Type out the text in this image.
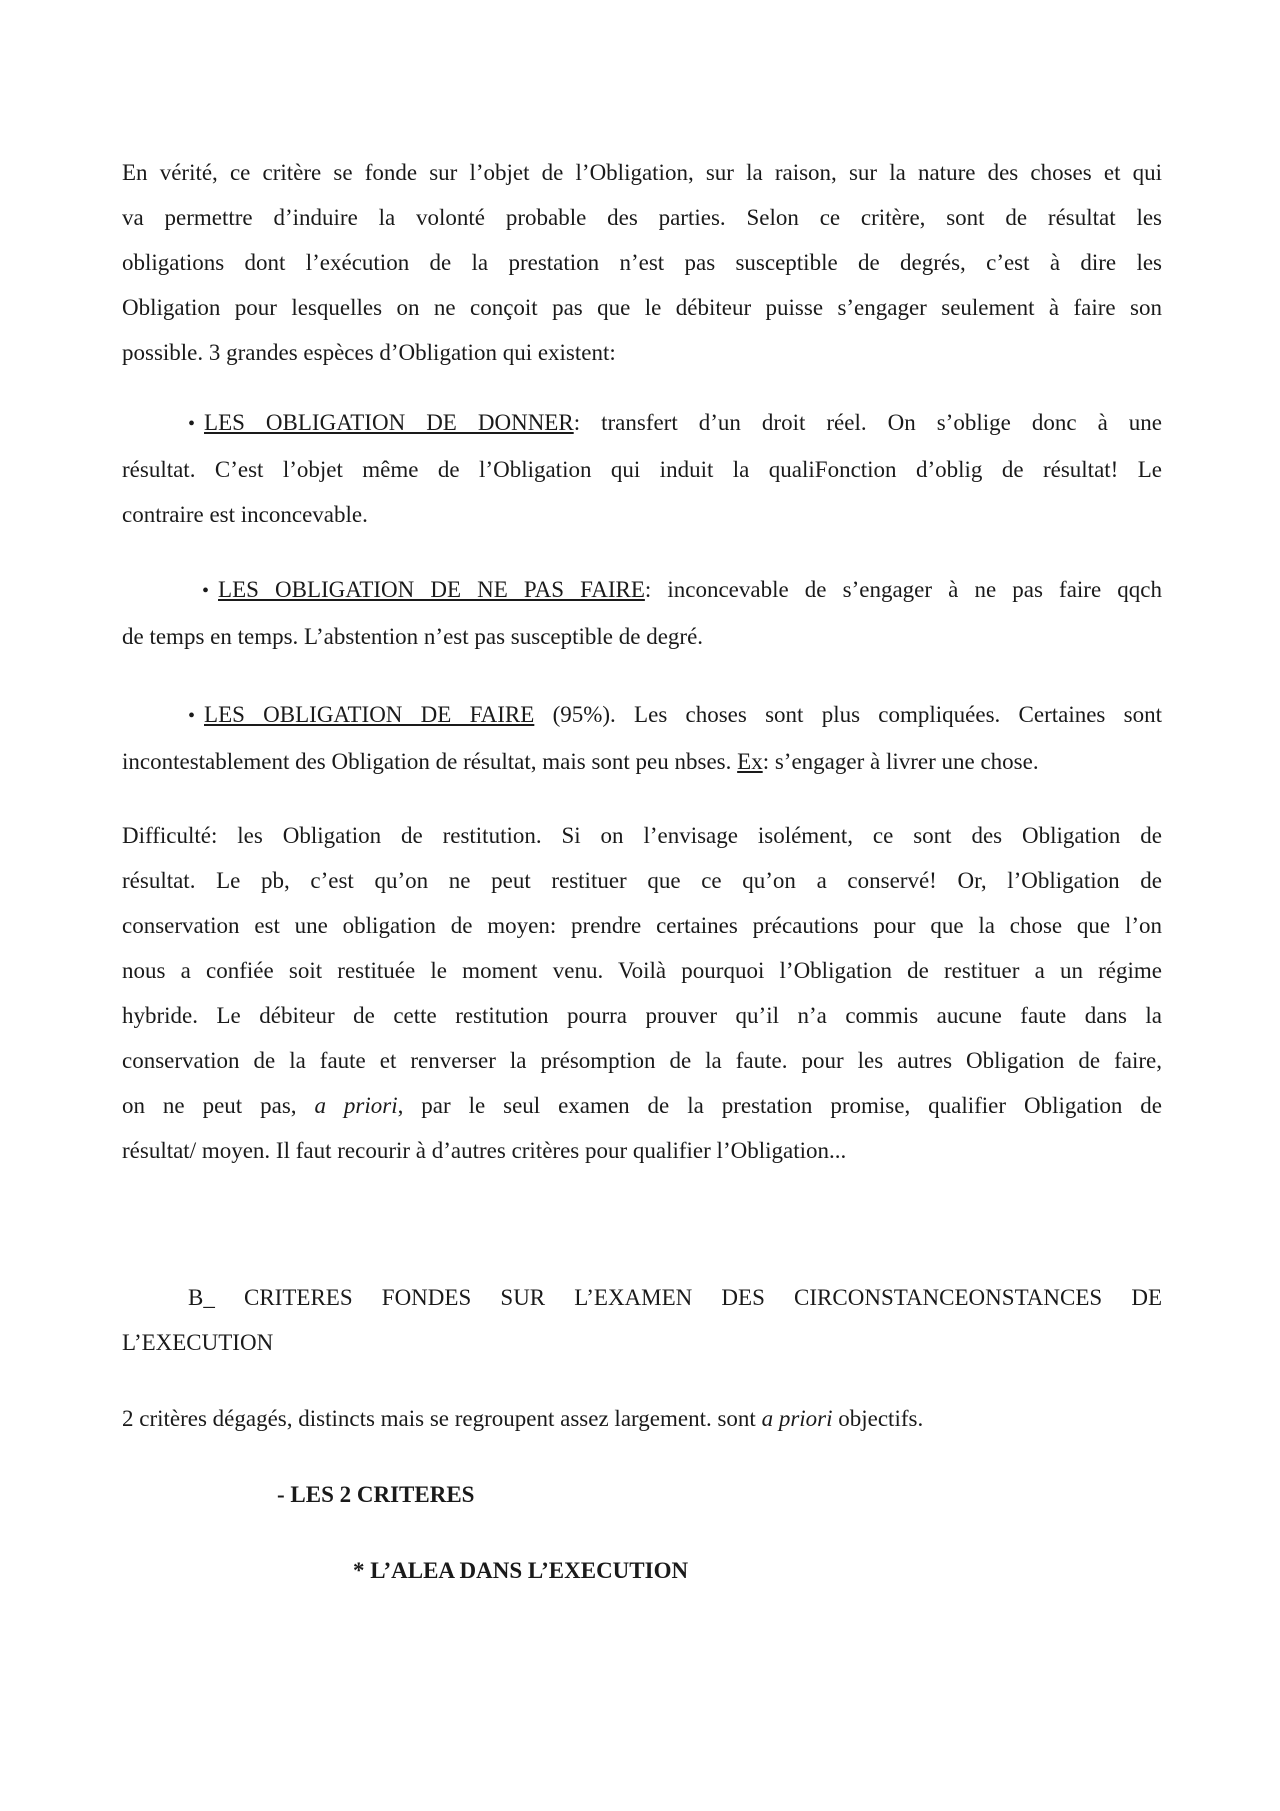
En vérité, ce critère se fonde sur l’objet de l’Obligation, sur la raison, sur la nature des choses et qui
va permettre d’induire la volonté probable des parties. Selon ce critère, sont de résultat les
obligations dont l’exécution de la prestation n’est pas susceptible de degrés, c’est à dire les
Obligation pour lesquelles on ne conçoit pas que le débiteur puisse s’engager seulement à faire son
possible. 3 grandes espèces d’Obligation qui existent:
• LES OBLIGATION DE DONNER: transfert d’un droit réel. On s’oblige donc à une
résultat. C’est l’objet même de l’Obligation qui induit la qualiFonction d’oblig de résultat! Le
contraire est inconcevable.
• LES OBLIGATION DE NE PAS FAIRE: inconcevable de s’engager à ne pas faire qqch
de temps en temps. L’abstention n’est pas susceptible de degré.
• LES OBLIGATION DE FAIRE (95%). Les choses sont plus compliquées. Certaines sont
incontestablement des Obligation de résultat, mais sont peu nbses. Ex: s’engager à livrer une chose.
Difficulté: les Obligation de restitution. Si on l’envisage isolément, ce sont des Obligation de
résultat. Le pb, c’est qu’on ne peut restituer que ce qu’on a conservé! Or, l’Obligation de
conservation est une obligation de moyen: prendre certaines précautions pour que la chose que l’on
nous a confiée soit restituée le moment venu. Voilà pourquoi l’Obligation de restituer a un régime
hybride. Le débiteur de cette restitution pourra prouver qu’il n’a commis aucune faute dans la
conservation de la faute et renverser la présomption de la faute. pour les autres Obligation de faire,
on ne peut pas, a priori, par le seul examen de la prestation promise, qualifier Obligation de
résultat/ moyen. Il faut recourir à d’autres critères pour qualifier l’Obligation...
B_ CRITERES FONDES SUR L’EXAMEN DES CIRCONSTANCEONSTANCES DE
L’EXECUTION
2 critères dégagés, distincts mais se regroupent assez largement. sont a priori objectifs.
- LES 2 CRITERES
* L’ALEA DANS L’EXECUTION
